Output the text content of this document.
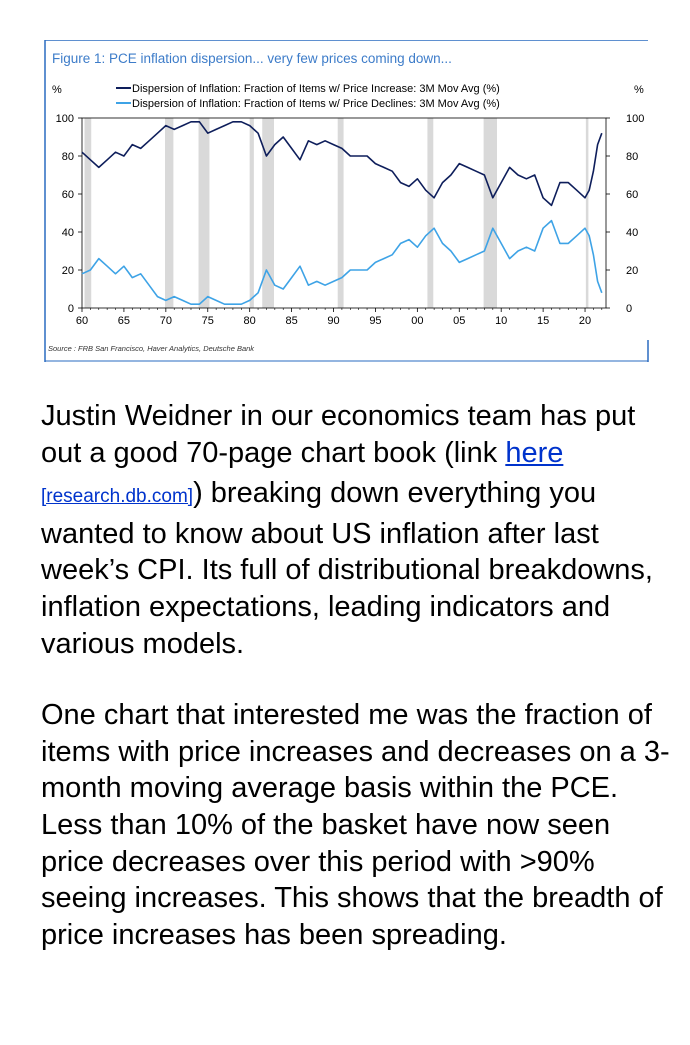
Figure 1: PCE inflation dispersion... very few prices coming down...
%	%
Dispersion of Inflation: Fraction of Items w/ Price Increase: 3M Mov Avg (%)
Dispersion of Inflation: Fraction of Items w/ Price Declines: 3M Mov Avg (%)
0	0
20	20
40	40
60	60
80	80
100	100
60	65	70	75	80	85	90	95	00	05	10	15	20
Source : FRB San Francisco, Haver Analytics, Deutsche Bank

Justin Weidner in our economics team has put out a good 70-page chart book (link here [research.db.com]) breaking down everything you wanted to know about US inflation after last week’s CPI. Its full of distributional breakdowns, inflation expectations, leading indicators and various models.

One chart that interested me was the fraction of items with price increases and decreases on a 3-month moving average basis within the PCE. Less than 10% of the basket have now seen price decreases over this period with >90% seeing increases. This shows that the breadth of price increases has been spreading.
